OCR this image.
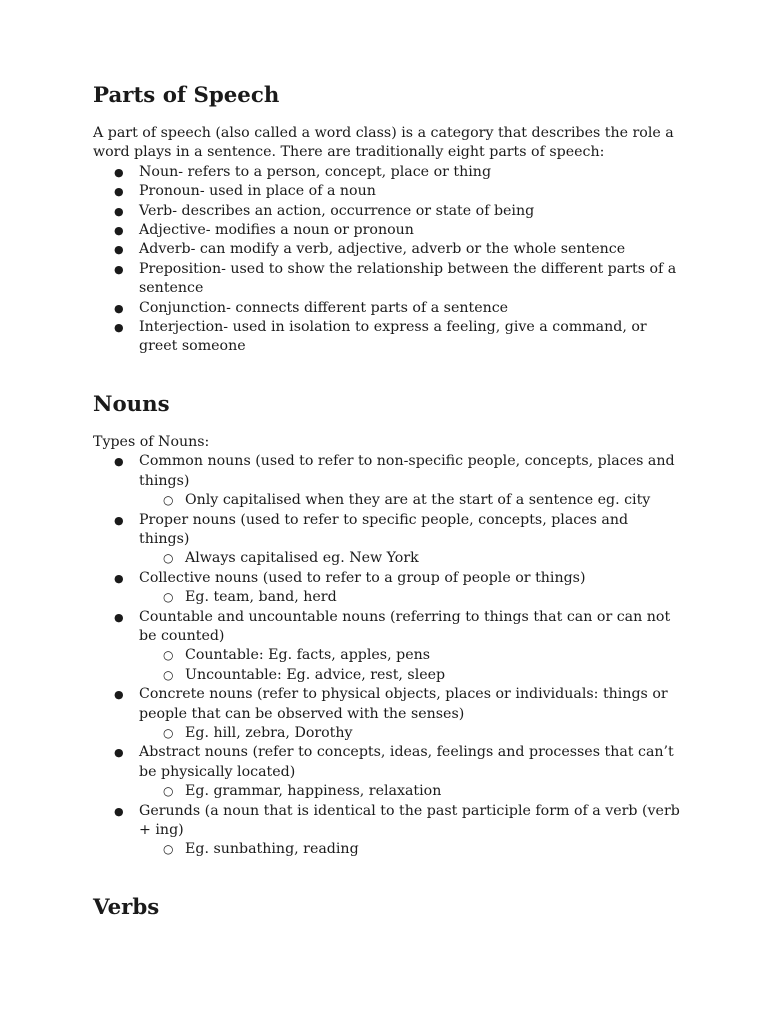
Parts of Speech

A part of speech (also called a word class) is a category that describes the role a word plays in a sentence. There are traditionally eight parts of speech:

● Noun- refers to a person, concept, place or thing
● Pronoun- used in place of a noun
● Verb- describes an action, occurrence or state of being
● Adjective- modifies a noun or pronoun
● Adverb- can modify a verb, adjective, adverb or the whole sentence
● Preposition- used to show the relationship between the different parts of a sentence
● Conjunction- connects different parts of a sentence
● Interjection- used in isolation to express a feeling, give a command, or greet someone
Nouns

Types of Nouns:

● Common nouns (used to refer to non-specific people, concepts, places and things)
○ Only capitalised when they are at the start of a sentence eg. city
● Proper nouns (used to refer to specific people, concepts, places and things)
○ Always capitalised eg. New York
● Collective nouns (used to refer to a group of people or things)
○ Eg. team, band, herd
● Countable and uncountable nouns (referring to things that can or can not be counted)
○ Countable: Eg. facts, apples, pens
○ Uncountable: Eg. advice, rest, sleep
● Concrete nouns (refer to physical objects, places or individuals: things or people that can be observed with the senses)
○ Eg. hill, zebra, Dorothy
● Abstract nouns (refer to concepts, ideas, feelings and processes that can’t be physically located)
○ Eg. grammar, happiness, relaxation
● Gerunds (a noun that is identical to the past participle form of a verb (verb + ing)
○ Eg. sunbathing, reading
Verbs
